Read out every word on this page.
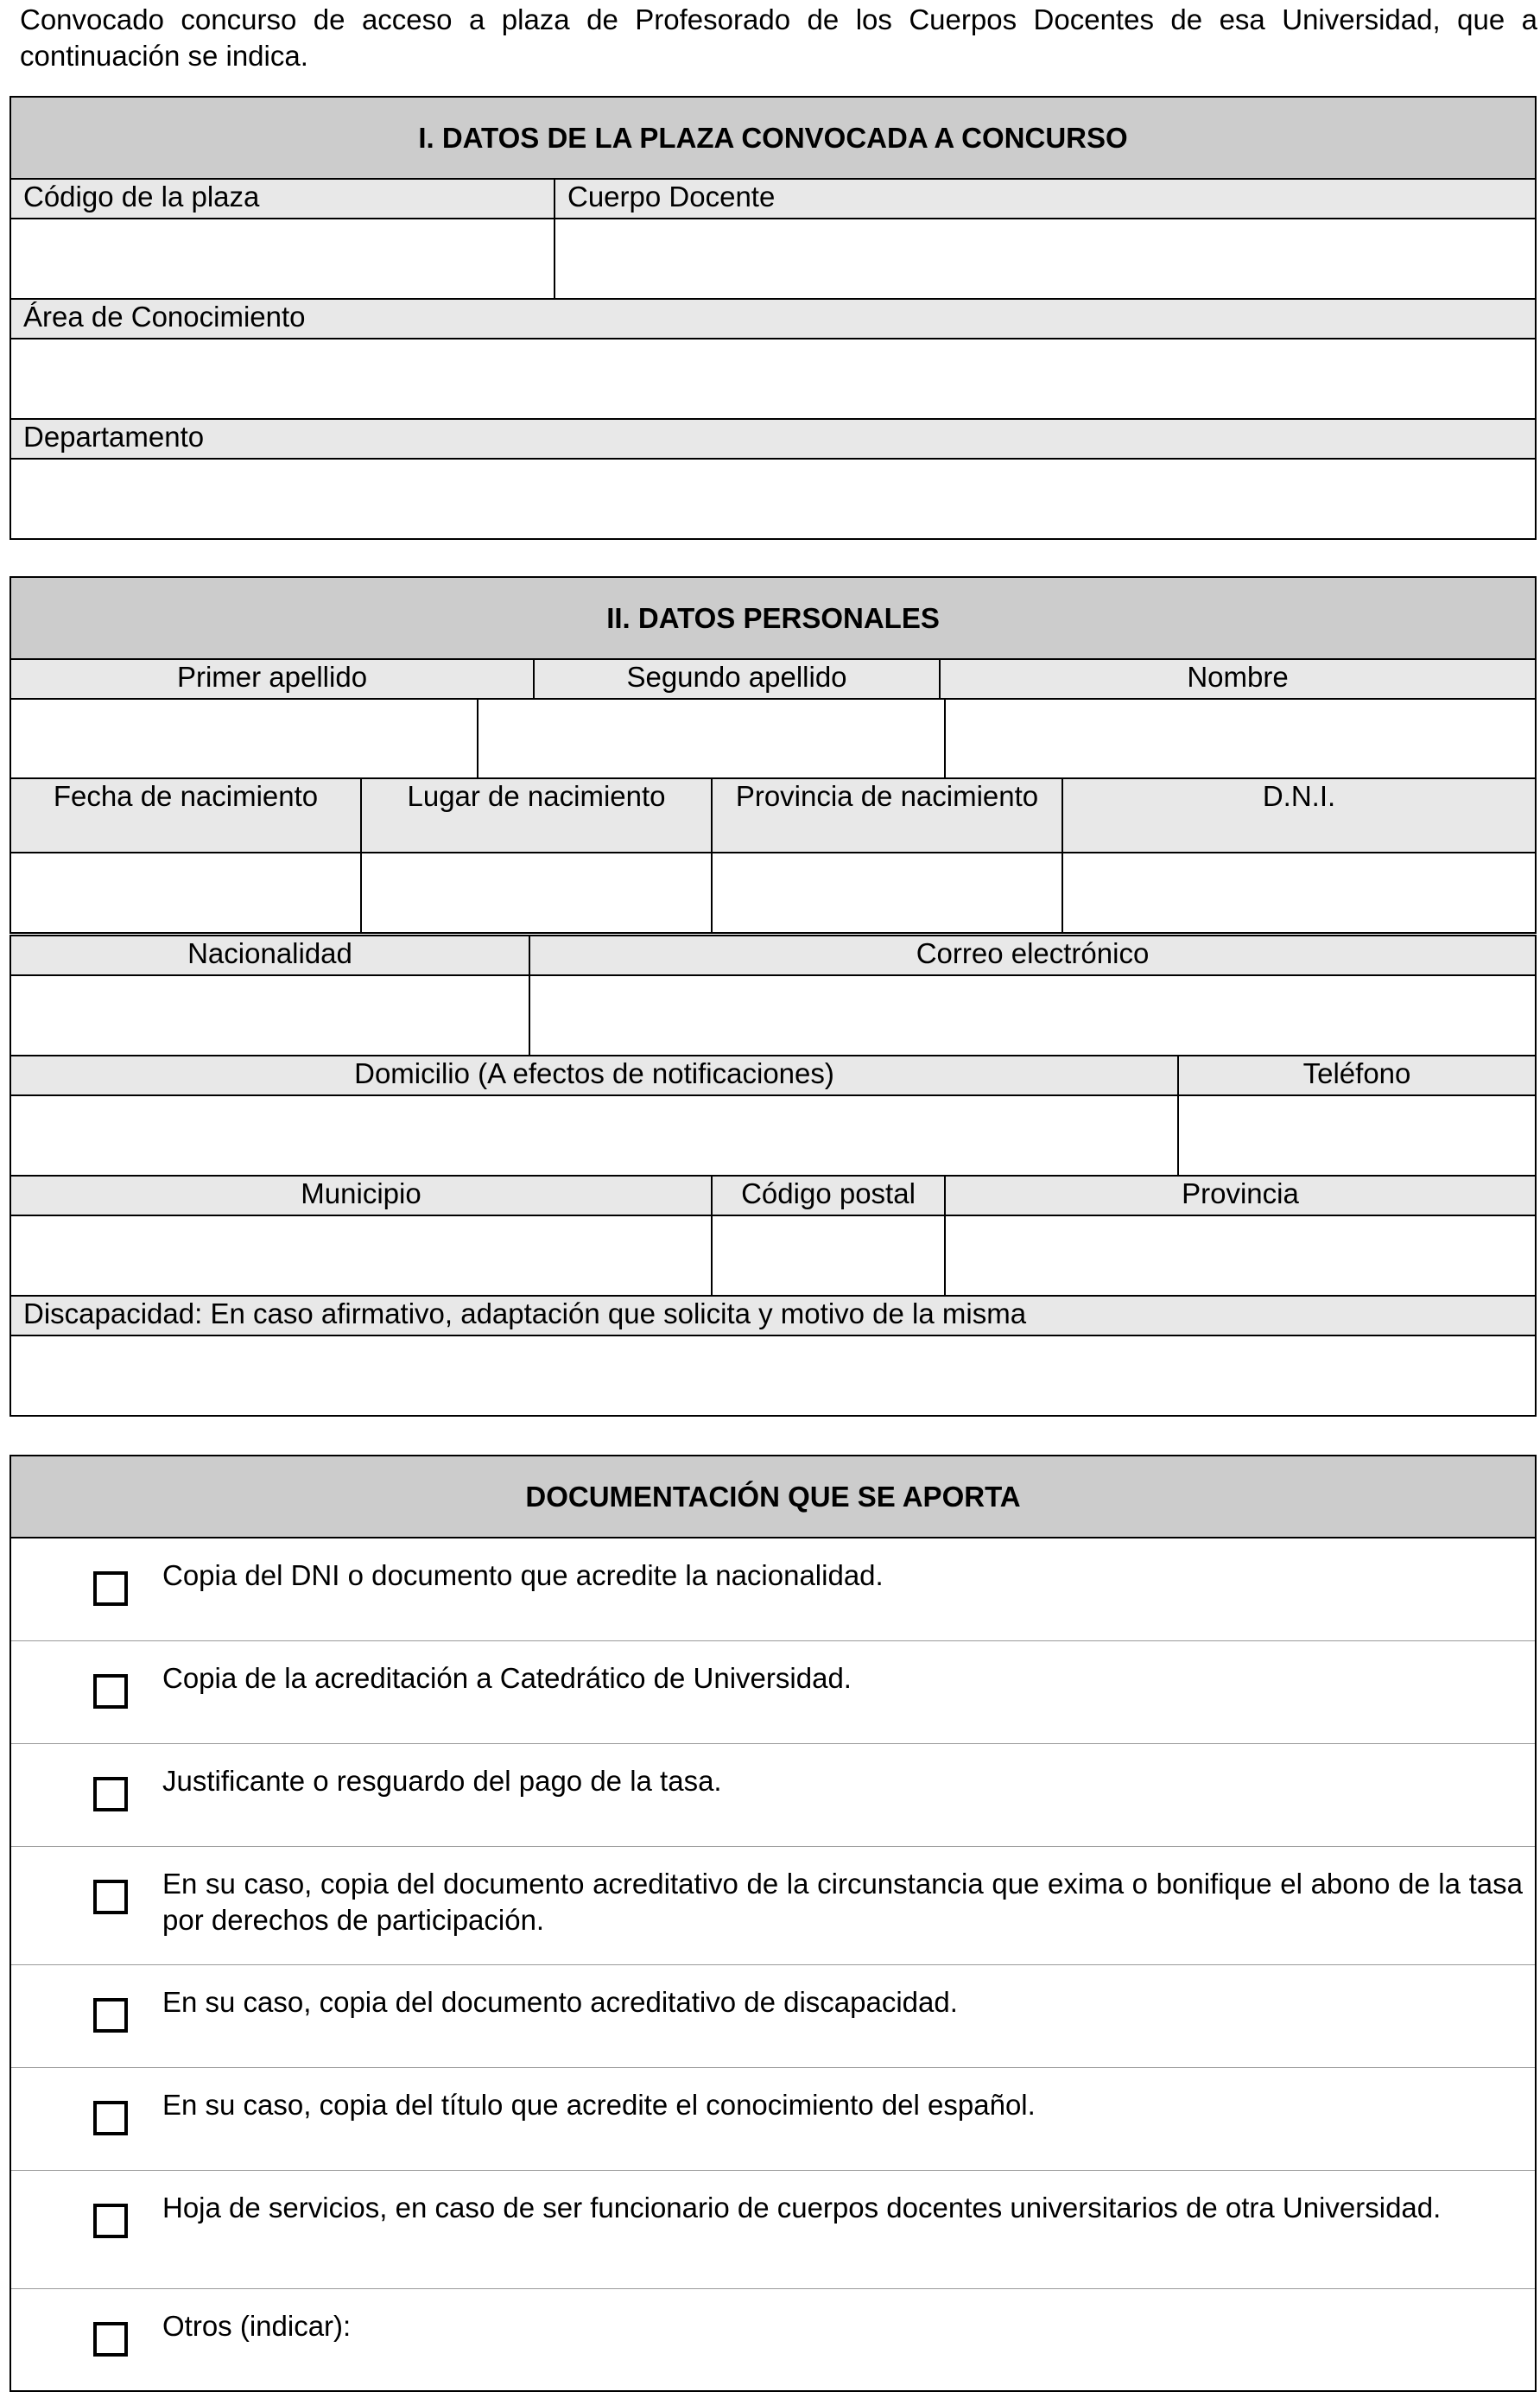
Convocado concurso de acceso a plaza de Profesorado de los Cuerpos Docentes de esa Universidad, que a continuación se indica.

I. DATOS DE LA PLAZA CONVOCADA A CONCURSO	
Código de la plaza	Cuerpo Docente

Área de Conocimiento	

Departamento	

II. DATOS PERSONALES
Primer apellido	Segundo apellido	Nombre

Fecha de nacimiento	Lugar de nacimiento	Provincia de nacimiento	D.N.I.

Nacionalidad	Correo electrónico

Domicilio (A efectos de notificaciones)	Teléfono

Municipio	Código postal	Provincia

Discapacidad: En caso afirmativo, adaptación que solicita y motivo de la misma

DOCUMENTACIÓN QUE SE APORTA

Copia del DNI o documento que acredite la nacionalidad.

Copia de la acreditación a Catedrático de Universidad.

Justificante o resguardo del pago de la tasa.

En su caso, copia del documento acreditativo de la circunstancia que exima o bonifique el abono de la tasa por derechos de participación.

En su caso, copia del documento acreditativo de discapacidad.

En su caso, copia del título que acredite el conocimiento del español.

Hoja de servicios, en caso de ser funcionario de cuerpos docentes universitarios de otra Universidad.

Otros (indicar):
